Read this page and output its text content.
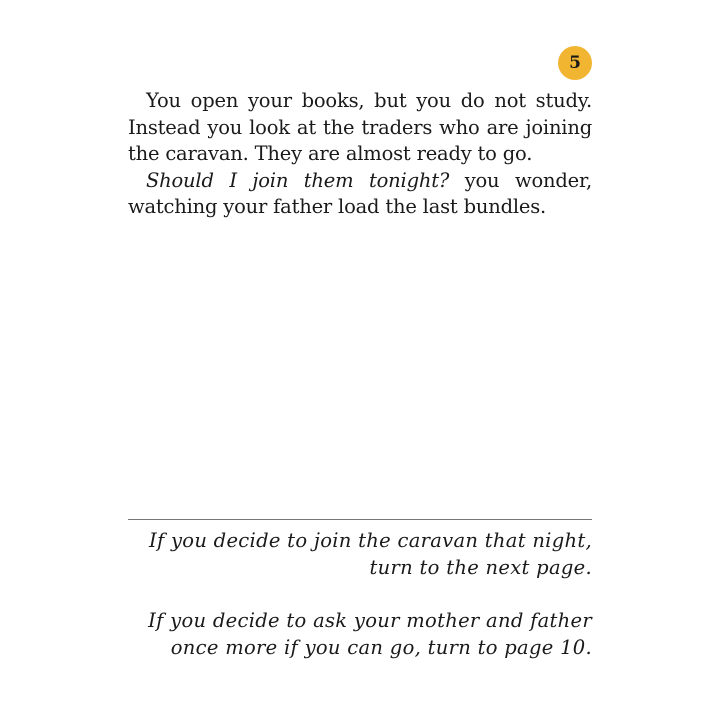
5

You open your books, but you do not study. Instead you look at the traders who are joining the caravan. They are almost ready to go.

Should I join them tonight? you wonder, watching your father load the last bundles.

If you decide to join the caravan that night,
turn to the next page.
If you decide to ask your mother and father
once more if you can go, turn to page 10.
